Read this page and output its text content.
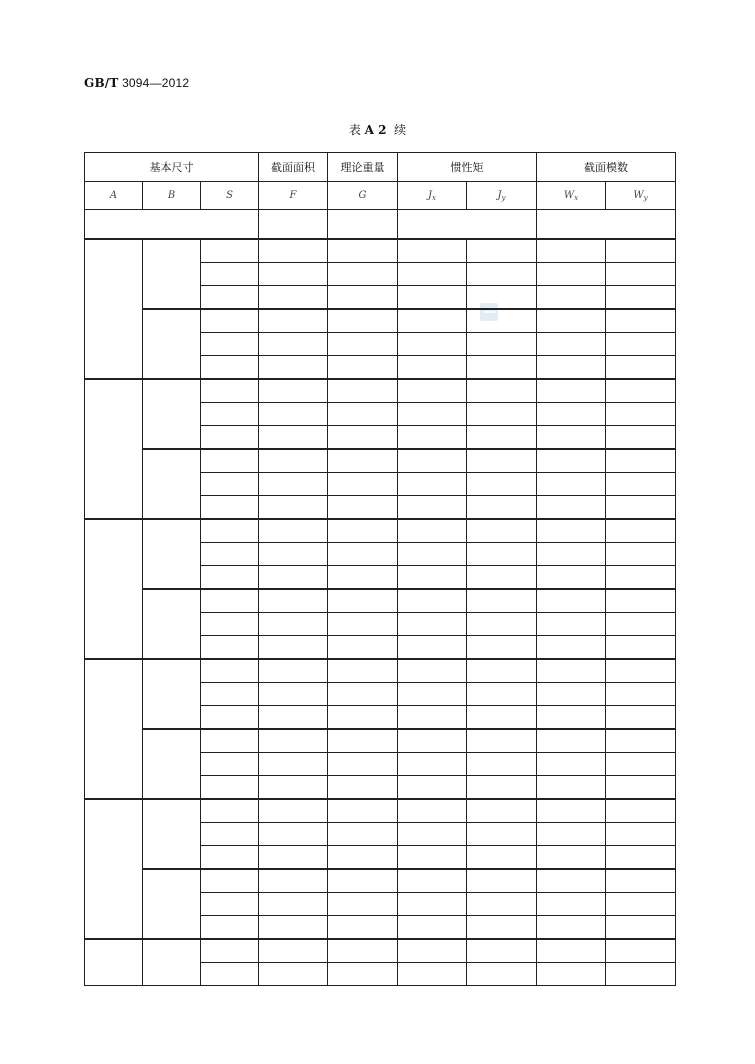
GB/T 3094—2012
表 A 2 续
基本尺寸			截面面积	理论重量	惯性矩		截面模数	
A	B	S	F	G	$J_x$	$J_y$	$W_x$	$W_y$
